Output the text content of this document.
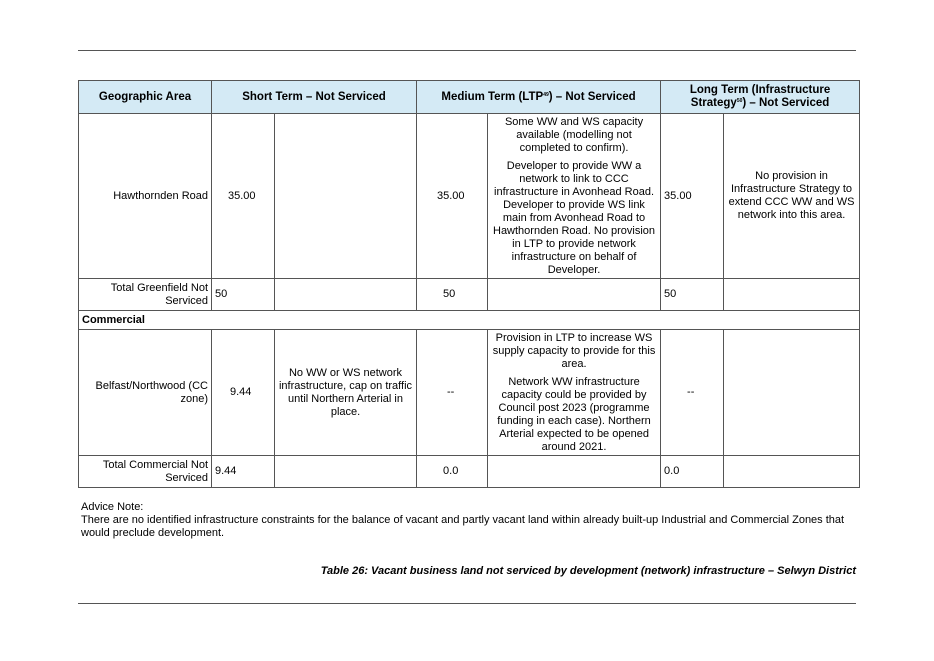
Geographic Area	Short Term – Not Serviced		Medium Term (LTP$^{49}$) – Not Serviced		Long Term (Infrastructure
Strategy$^{50}$) – Not Serviced	
Hawthornden Road	35.00		35.00	Some WW and WS capacity available (modelling not completed to confirm).

Developer to provide WW a network to link to CCC infrastructure in Avonhead Road. Developer to provide WS link main from Avonhead Road to Hawthornden Road. No provision in LTP to provide network infrastructure on behalf of Developer.	35.00	No provision in Infrastructure Strategy to extend CCC WW and WS network into this area.
Total Greenfield Not Serviced	50		50		50	
Commercial						
Belfast/Northwood (CC zone)	9.44	No WW or WS network infrastructure, cap on traffic until Northern Arterial in place.	--	Provision in LTP to increase WS supply capacity to provide for this area.

Network WW infrastructure capacity could be provided by Council post 2023 (programme funding in each case). Northern Arterial expected to be opened around 2021.	--	
Total Commercial Not Serviced	9.44		0.0		0.0	
Advice Note:
There are no identified infrastructure constraints for the balance of vacant and partly vacant land within already built-up Industrial and Commercial Zones that would preclude development.
Table 26: Vacant business land not serviced by development (network) infrastructure – Selwyn District
